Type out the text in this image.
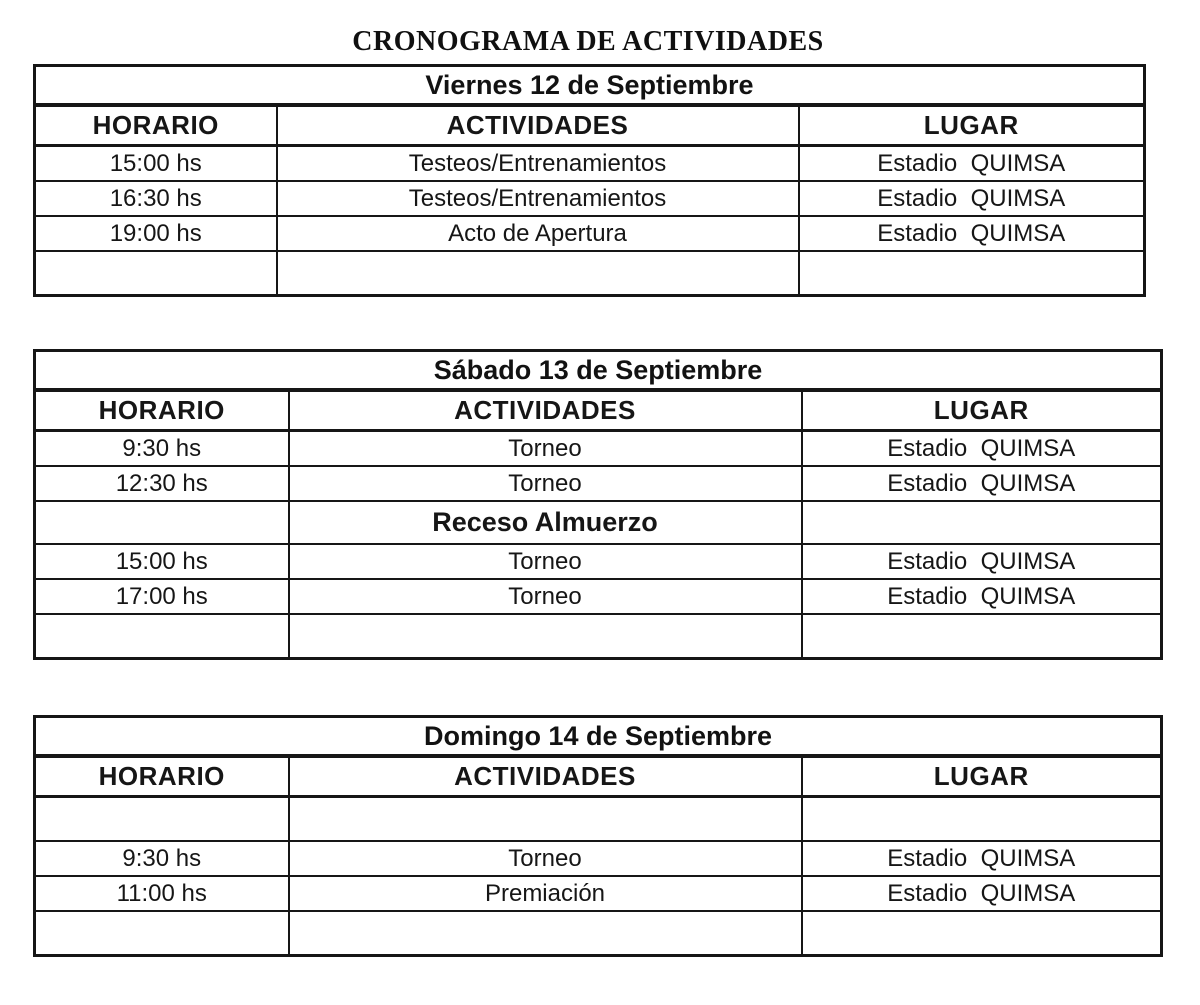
CRONOGRAMA DE ACTIVIDADES
Viernes 12 de Septiembre		
HORARIO	ACTIVIDADES	LUGAR
15:00 hs	Testeos/Entrenamientos	Estadio  QUIMSA
16:30 hs	Testeos/Entrenamientos	Estadio  QUIMSA
19:00 hs	Acto de Apertura	Estadio  QUIMSA

Sábado 13 de Septiembre		
HORARIO	ACTIVIDADES	LUGAR
9:30 hs	Torneo	Estadio  QUIMSA
12:30 hs	Torneo	Estadio  QUIMSA
	Receso Almuerzo	
15:00 hs	Torneo	Estadio  QUIMSA
17:00 hs	Torneo	Estadio  QUIMSA

Domingo 14 de Septiembre		
HORARIO	ACTIVIDADES	LUGAR

9:30 hs	Torneo	Estadio  QUIMSA
11:00 hs	Premiación	Estadio  QUIMSA
